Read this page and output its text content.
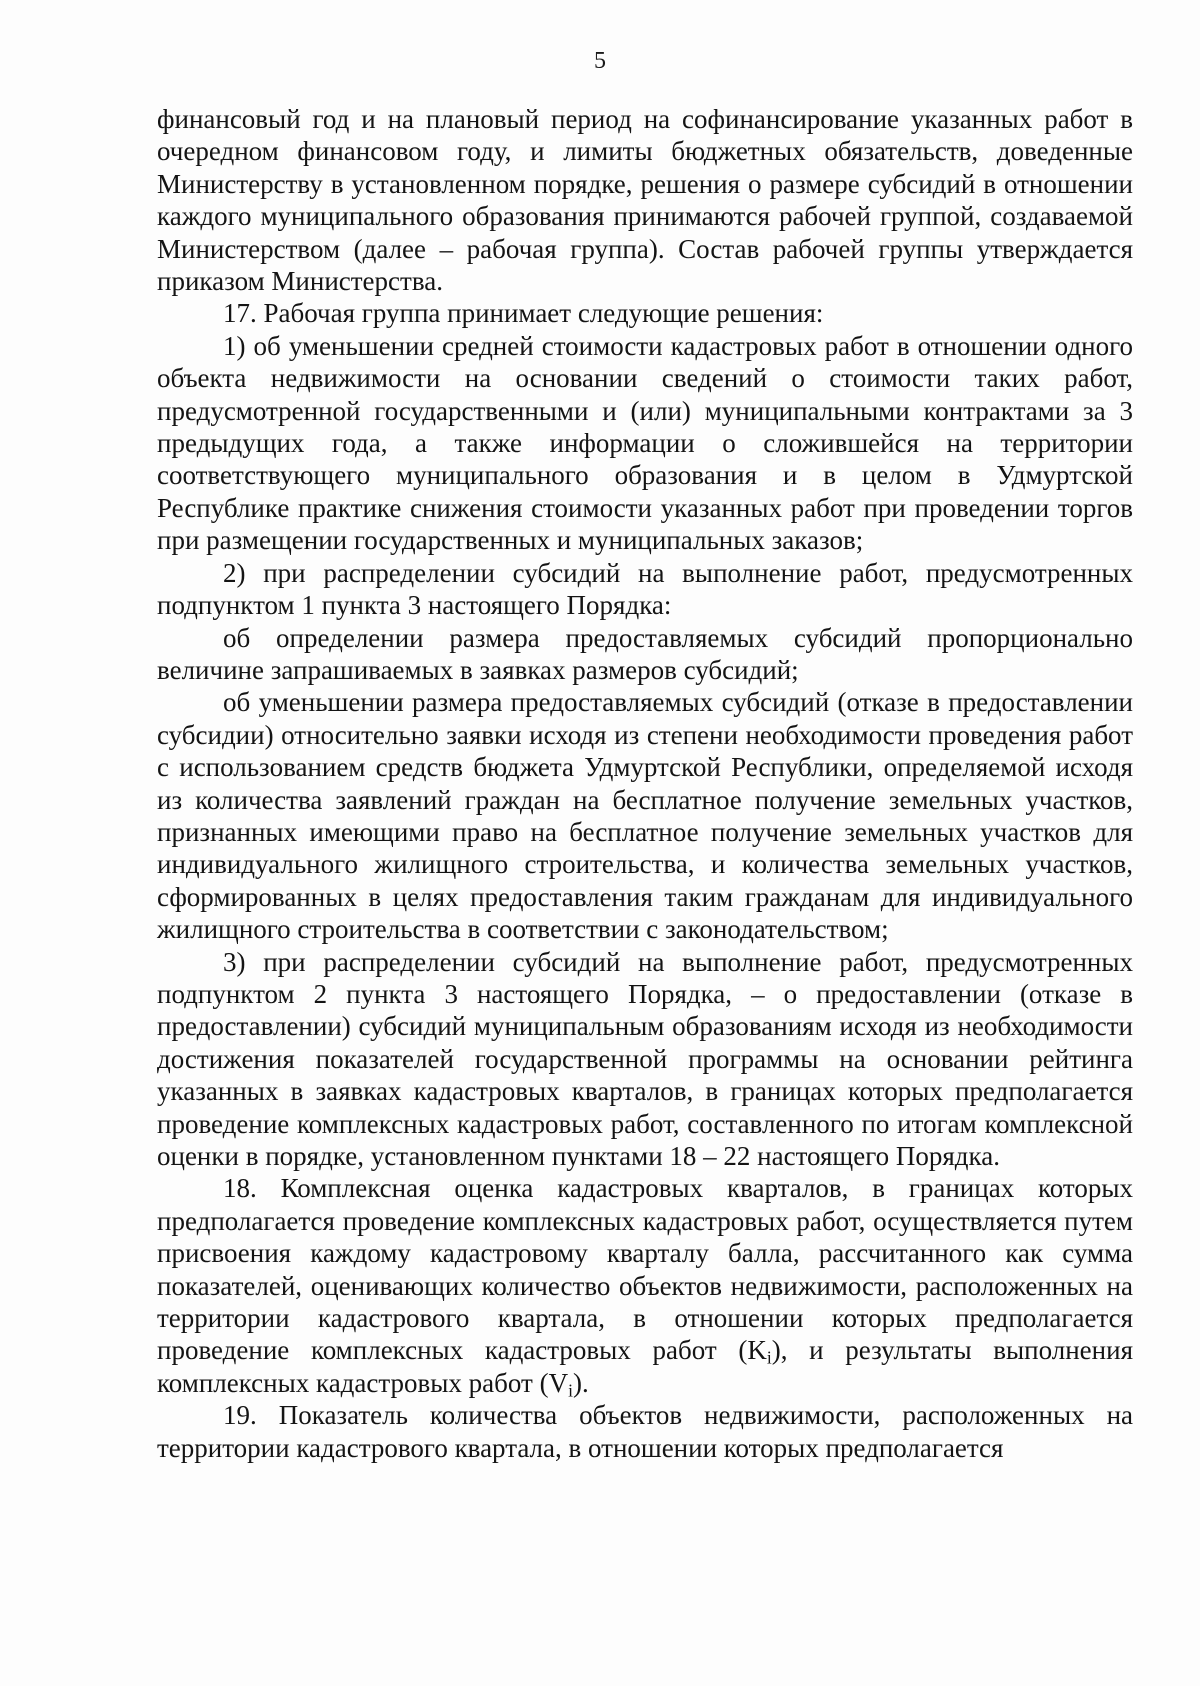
5

финансовый год и на плановый период на софинансирование указанных работ в очередном финансовом году, и лимиты бюджетных обязательств, доведенные Министерству в установленном порядке, решения о размере субсидий в отношении каждого муниципального образования принимаются рабочей группой, создаваемой Министерством (далее – рабочая группа). Состав рабочей группы утверждается приказом Министерства.

17. Рабочая группа принимает следующие решения:

1) об уменьшении средней стоимости кадастровых работ в отношении одного объекта недвижимости на основании сведений о стоимости таких работ, предусмотренной государственными и (или) муниципальными контрактами за 3 предыдущих года, а также информации о сложившейся на территории соответствующего муниципального образования и в целом в Удмуртской Республике практике снижения стоимости указанных работ при проведении торгов при размещении государственных и муниципальных заказов;

2) при распределении субсидий на выполнение работ, предусмотренных подпунктом 1 пункта 3 настоящего Порядка:

об определении размера предоставляемых субсидий пропорционально величине запрашиваемых в заявках размеров субсидий;

об уменьшении размера предоставляемых субсидий (отказе в предоставлении субсидии) относительно заявки исходя из степени необходимости проведения работ с использованием средств бюджета Удмуртской Республики, определяемой исходя из количества заявлений граждан на бесплатное получение земельных участков, признанных имеющими право на бесплатное получение земельных участков для индивидуального жилищного строительства, и количества земельных участков, сформированных в целях предоставления таким гражданам для индивидуального жилищного строительства в соответствии с законодательством;

3) при распределении субсидий на выполнение работ, предусмотренных подпунктом 2 пункта 3 настоящего Порядка, – о предоставлении (отказе в предоставлении) субсидий муниципальным образованиям исходя из необходимости достижения показателей государственной программы на основании рейтинга указанных в заявках кадастровых кварталов, в границах которых предполагается проведение комплексных кадастровых работ, составленного по итогам комплексной оценки в порядке, установленном пунктами 18 – 22 настоящего Порядка.

18. Комплексная оценка кадастровых кварталов, в границах которых предполагается проведение комплексных кадастровых работ, осуществляется путем присвоения каждому кадастровому кварталу балла, рассчитанного как сумма показателей, оценивающих количество объектов недвижимости, расположенных на территории кадастрового квартала, в отношении которых предполагается проведение комплексных кадастровых работ $(K_i)$, и результаты выполнения комплексных кадастровых работ $(V_i)$.

19. Показатель количества объектов недвижимости, расположенных на территории кадастрового квартала, в отношении которых предполагается
